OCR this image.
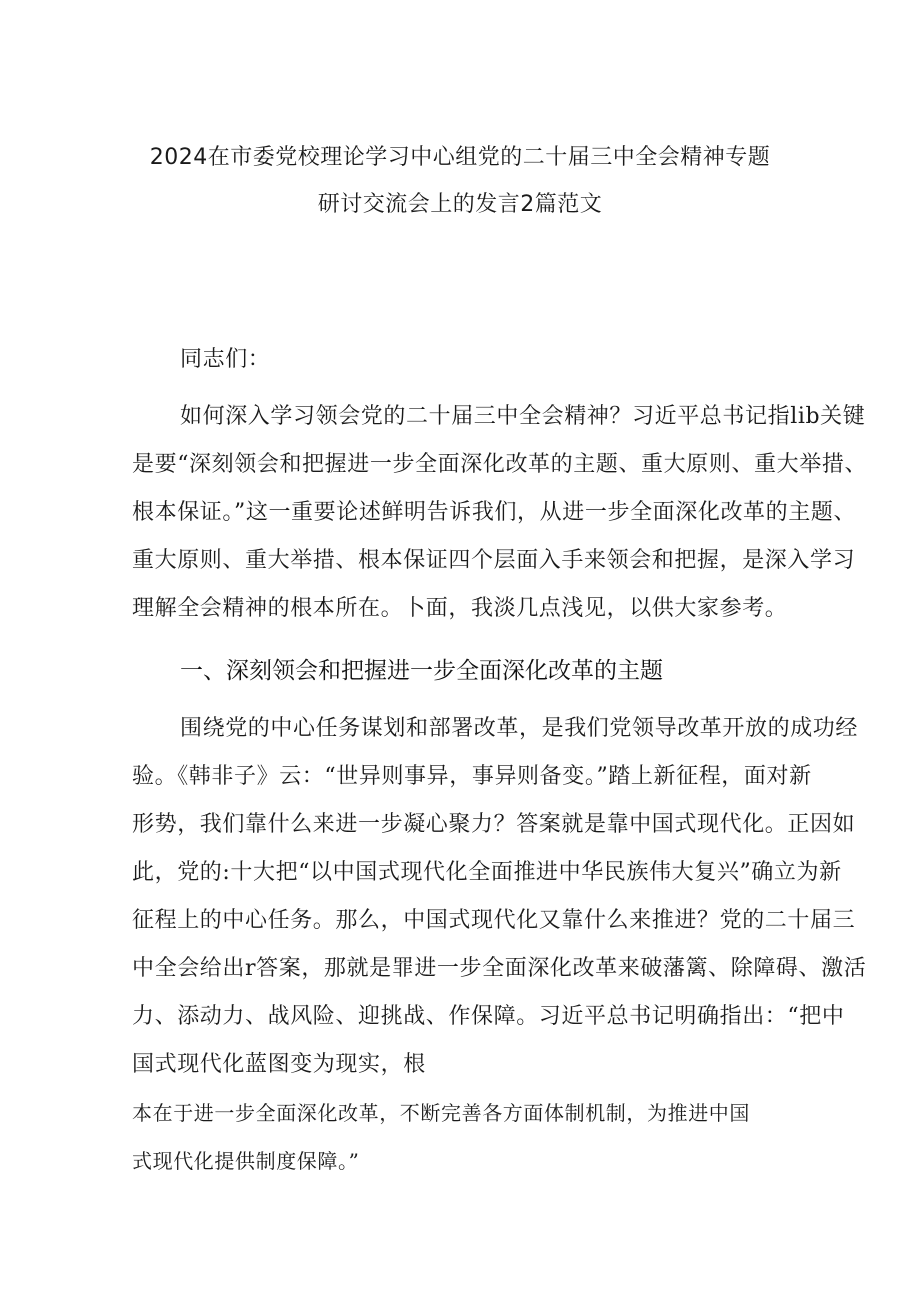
2024在市委党校理论学习中心组党的二十届三中全会精神专题
研讨交流会上的发言2篇范文
同志们：
如何深入学习领会党的二十届三中全会精神？习近平总书记指lib关键
是要“深刻领会和把握进一步全面深化改革的主题、重大原则、重大举措、
根本保证。”这一重要论述鲜明告诉我们，从进一步全面深化改革的主题、
重大原则、重大举措、根本保证四个层面入手来领会和把握，是深入学习
理解全会精神的根本所在。卜面，我淡几点浅见，以供大家参考。
一、深刻领会和把握进一步全面深化改革的主题
围绕党的中心任务谋划和部署改革，是我们党领导改革开放的成功经
验。《韩非子》云：“世异则事异，事异则备变。”踏上新征程，面对新
形势，我们靠什么来进一步凝心聚力？答案就是靠中国式现代化。正因如
此，党的:十大把“以中国式现代化全面推进中华民族伟大复兴”确立为新
征程上的中心任务。那么，中国式现代化又靠什么来推进？党的二十届三
中全会给出r答案，那就是罪进一步全面深化改革来破藩篱、除障碍、激活
力、添动力、战风险、迎挑战、作保障。习近平总书记明确指出：“把中
国式现代化蓝图变为现实，根
本在于进一步全面深化改革，不断完善各方面体制机制，为推进中国
式现代化提供制度保障。”
